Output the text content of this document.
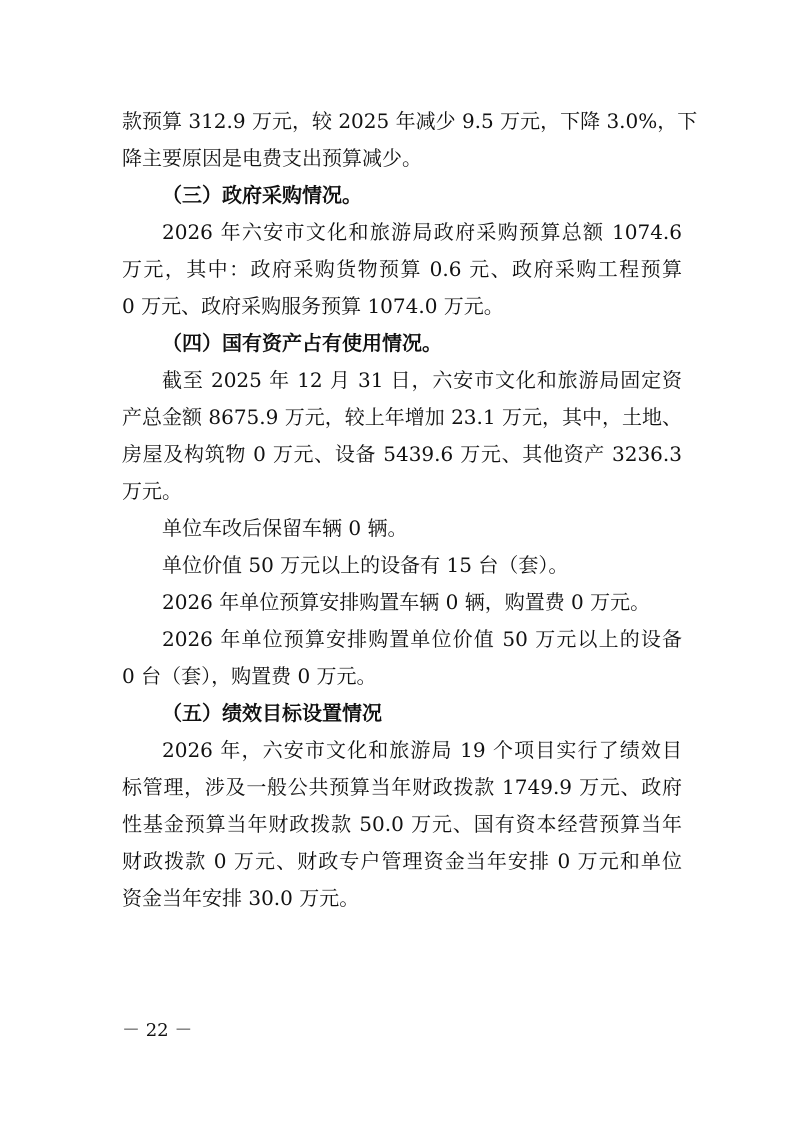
款预算 312.9 万元，较 2025 年减少 9.5 万元，下降 3.0%，下
降主要原因是电费支出预算减少。
（三）政府采购情况。
2026 年六安市文化和旅游局政府采购预算总额 1074.6
万元，其中：政府采购货物预算 0.6 元、政府采购工程预算
0 万元、政府采购服务预算 1074.0 万元。
（四）国有资产占有使用情况。
截至 2025 年 12 月 31 日，六安市文化和旅游局固定资
产总金额 8675.9 万元，较上年增加 23.1 万元，其中，土地、
房屋及构筑物 0 万元、设备 5439.6 万元、其他资产 3236.3
万元。
单位车改后保留车辆 0 辆。
单位价值 50 万元以上的设备有 15 台（套）。
2026 年单位预算安排购置车辆 0 辆，购置费 0 万元。
2026 年单位预算安排购置单位价值 50 万元以上的设备
0 台（套），购置费 0 万元。
（五）绩效目标设置情况
2026 年，六安市文化和旅游局 19 个项目实行了绩效目
标管理，涉及一般公共预算当年财政拨款 1749.9 万元、政府
性基金预算当年财政拨款 50.0 万元、国有资本经营预算当年
财政拨款 0 万元、财政专户管理资金当年安排 0 万元和单位
资金当年安排 30.0 万元。
－ 22 －
